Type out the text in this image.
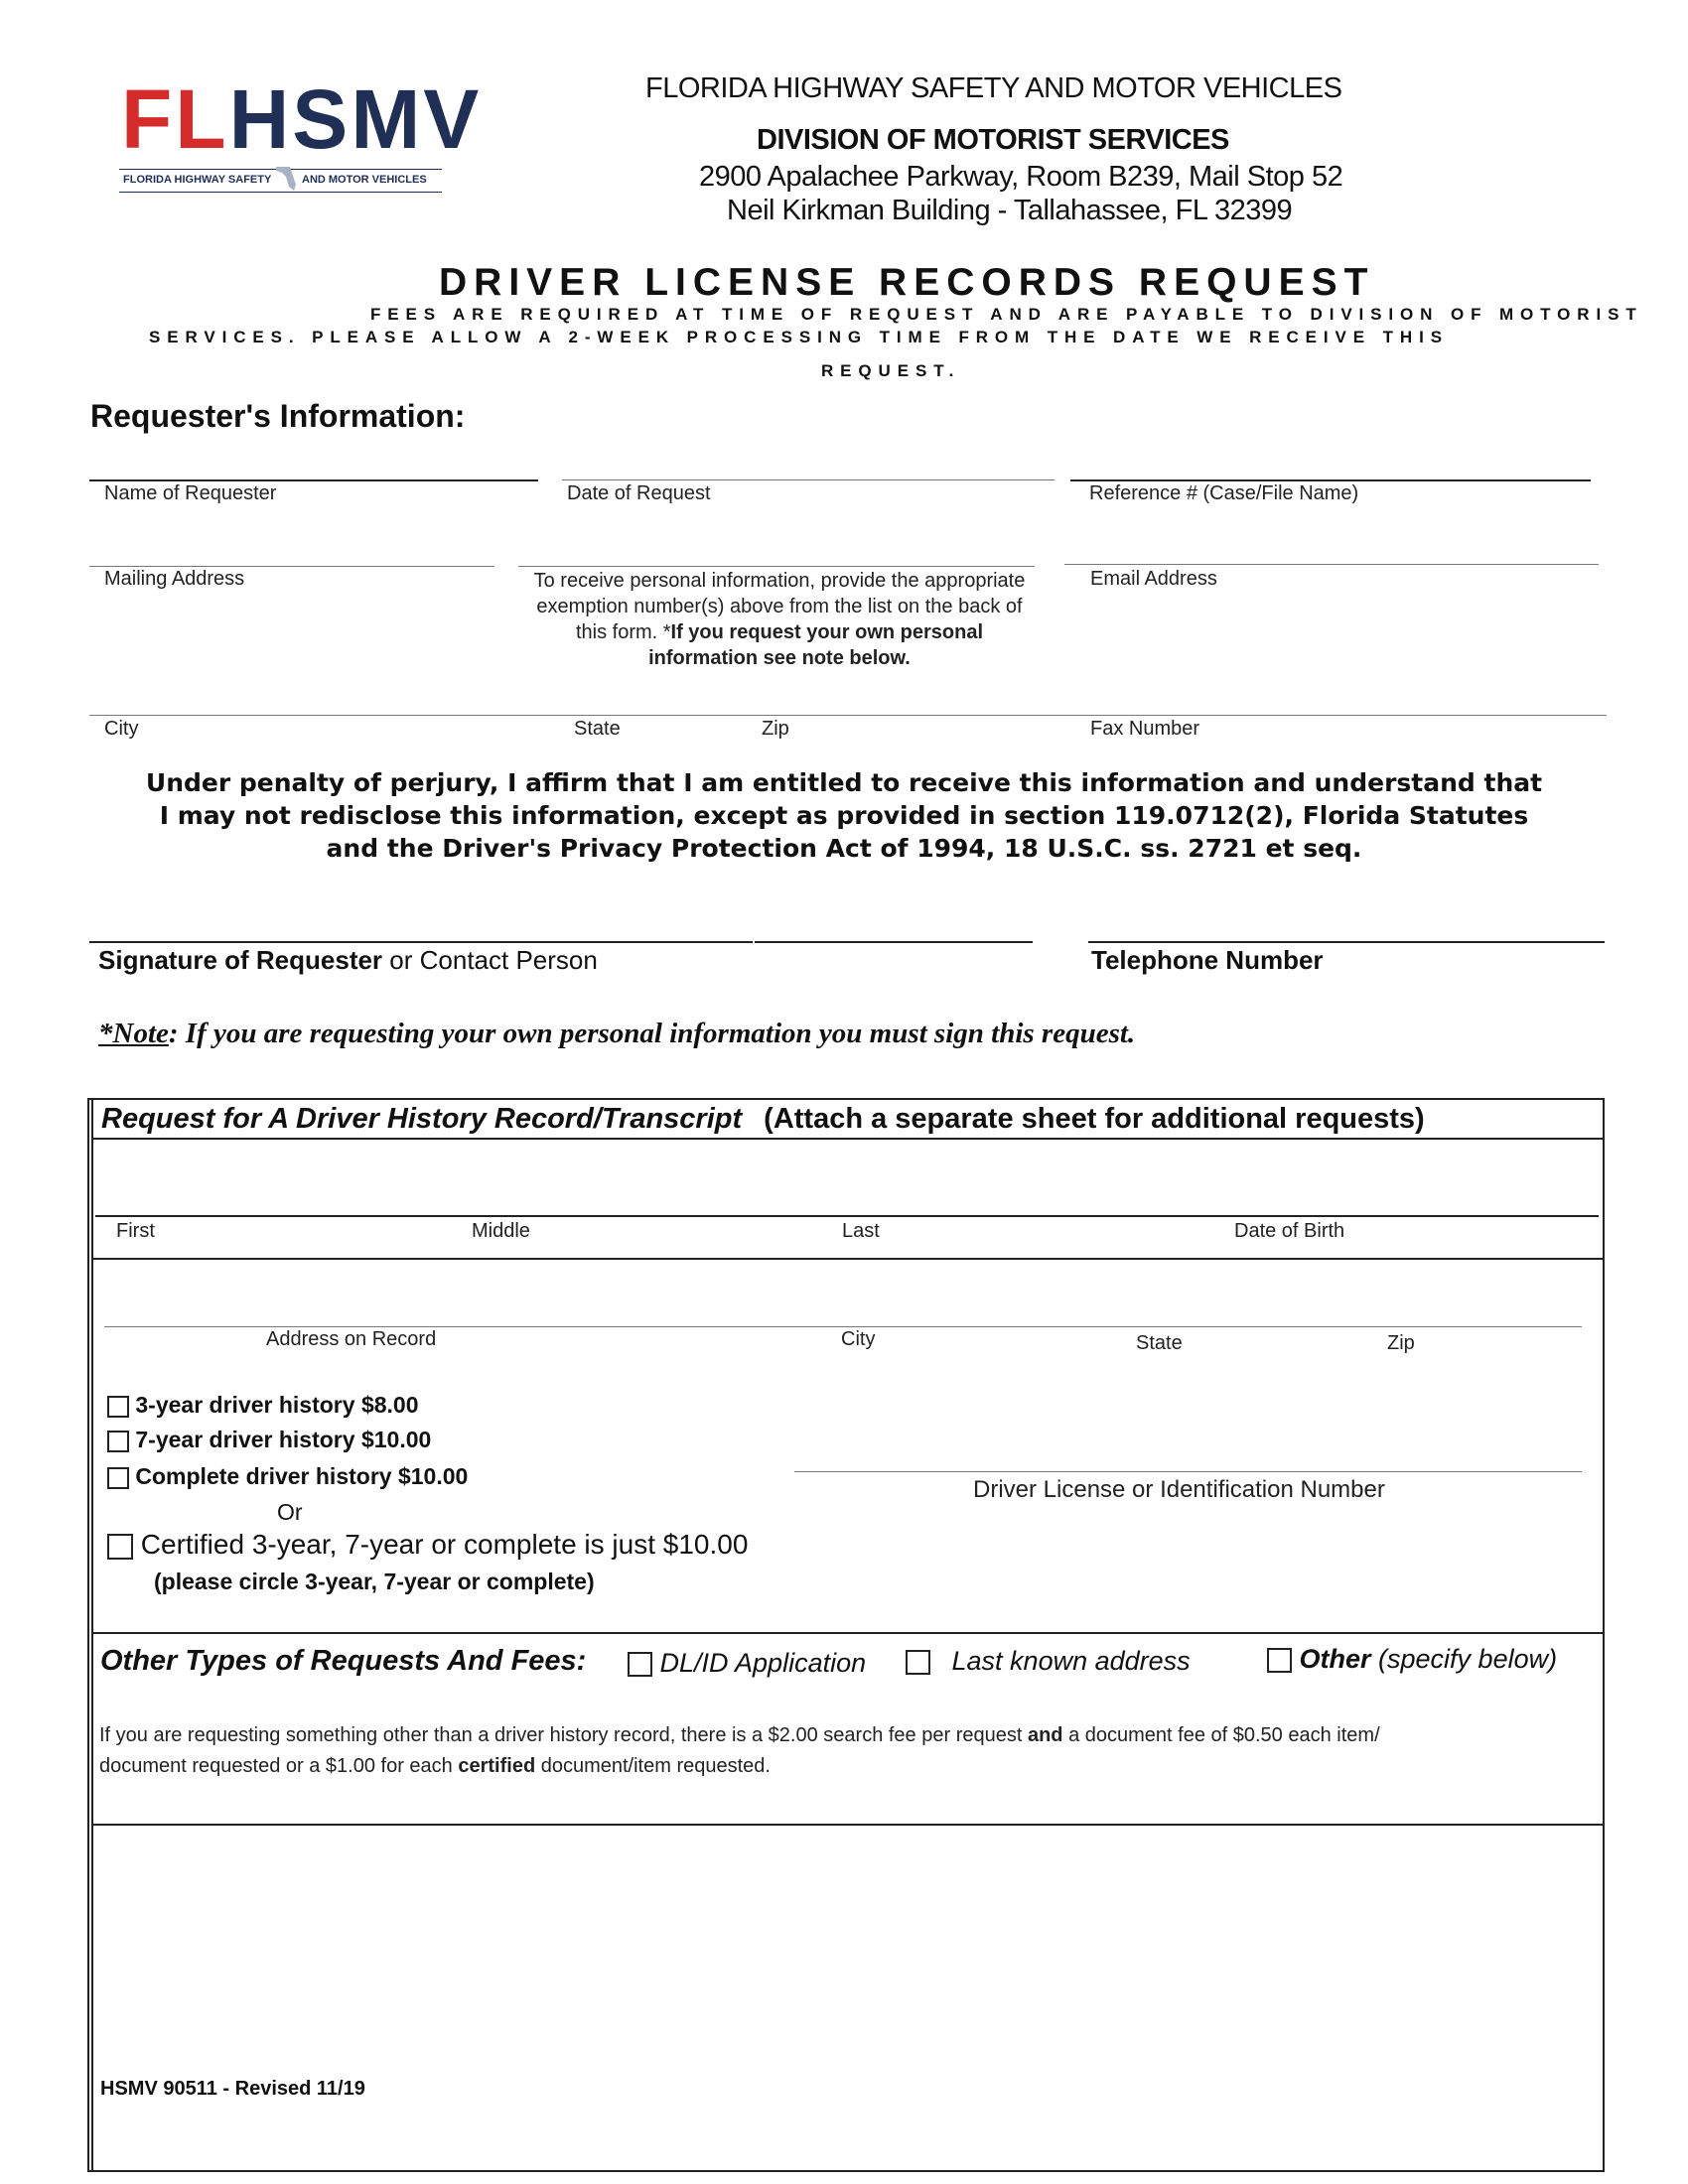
FLHSMV
FLORIDA HIGHWAY SAFETY	AND MOTOR VEHICLES
FLORIDA HIGHWAY SAFETY AND MOTOR VEHICLES
DIVISION OF MOTORIST SERVICES
2900 Apalachee Parkway, Room B239, Mail Stop 52
Neil Kirkman Building - Tallahassee, FL 32399
DRIVER LICENSE RECORDS REQUEST
FEES ARE REQUIRED AT TIME OF REQUEST AND ARE PAYABLE TO DIVISION OF MOTORIST
SERVICES. PLEASE ALLOW A 2-WEEK PROCESSING TIME FROM THE DATE WE RECEIVE THIS
REQUEST.
Requester's Information:
Name of Requester	Date of Request	Reference # (Case/File Name)
Mailing Address	To receive personal information, provide the appropriate
exemption number(s) above from the list on the back of
this form. *If you request your own personal
information see note below.
Email Address
City	State	Zip	Fax Number
Under penalty of perjury, I affirm that I am entitled to receive this information and understand that
I may not redisclose this information, except as provided in section 119.0712(2), Florida Statutes
and the Driver's Privacy Protection Act of 1994, 18 U.S.C. ss. 2721 et seq.
Signature of Requester or Contact Person	Telephone Number
*Note: If you are requesting your own personal information you must sign this request.
Request for A Driver History Record/Transcript (Attach a separate sheet for additional requests)
First	Middle	Last	Date of Birth
Address on Record	City	State	Zip
3-year driver history $8.00
7-year driver history $10.00
Complete driver history $10.00
Or
Certified 3-year, 7-year or complete is just $10.00
(please circle 3-year, 7-year or complete)
Driver License or Identification Number
Other Types of Requests And Fees:	DL/ID Application	Last known address	Other (specify below)
If you are requesting something other than a driver history record, there is a $2.00 search fee per request and a document fee of $0.50 each item/
document requested or a $1.00 for each certified document/item requested.
HSMV 90511 - Revised 11/19
